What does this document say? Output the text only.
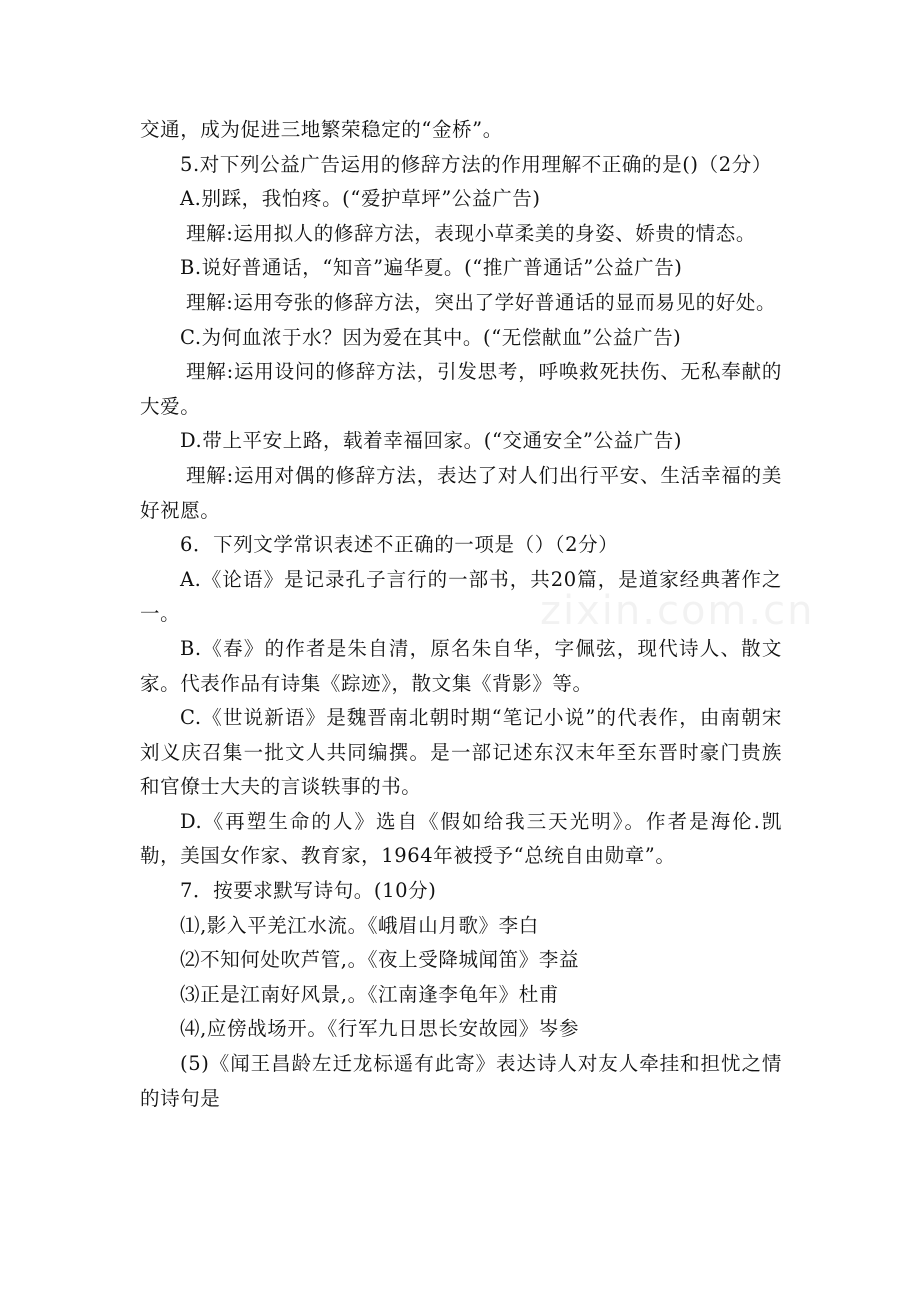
zixin.com.cn

交通，成为促进三地繁荣稳定的“金桥”。

5.对下列公益广告运用的修辞方法的作用理解不正确的是()（2分）

A.别踩，我怕疼。(“爱护草坪”公益广告)

理解:运用拟人的修辞方法，表现小草柔美的身姿、娇贵的情态。

B.说好普通话，“知音”遍华夏。(“推广普通话”公益广告)

理解:运用夸张的修辞方法，突出了学好普通话的显而易见的好处。

C.为何血浓于水？因为爱在其中。(“无偿献血”公益广告)

理解:运用设问的修辞方法，引发思考，呼唤救死扶伤、无私奉献的大爱。

D.带上平安上路，载着幸福回家。(“交通安全”公益广告)

理解:运用对偶的修辞方法，表达了对人们出行平安、生活幸福的美好祝愿。

6．下列文学常识表述不正确的一项是（）（2分）

A.《论语》是记录孔子言行的一部书，共20篇，是道家经典著作之一。

B.《春》的作者是朱自清，原名朱自华，字佩弦，现代诗人、散文家。代表作品有诗集《踪迹》，散文集《背影》等。

C.《世说新语》是魏晋南北朝时期“笔记小说”的代表作，由南朝宋刘义庆召集一批文人共同编撰。是一部记述东汉末年至东晋时豪门贵族和官僚士大夫的言谈轶事的书。

D.《再塑生命的人》选自《假如给我三天光明》。作者是海伦.凯勒，美国女作家、教育家，1964年被授予“总统自由勋章”。

7．按要求默写诗句。(10分)

⑴,影入平羌江水流。《峨眉山月歌》李白

⑵不知何处吹芦管,。《夜上受降城闻笛》李益

⑶正是江南好风景,。《江南逢李龟年》杜甫

⑷,应傍战场开。《行军九日思长安故园》岑参

(5)《闻王昌龄左迁龙标遥有此寄》表达诗人对友人牵挂和担忧之情的诗句是
